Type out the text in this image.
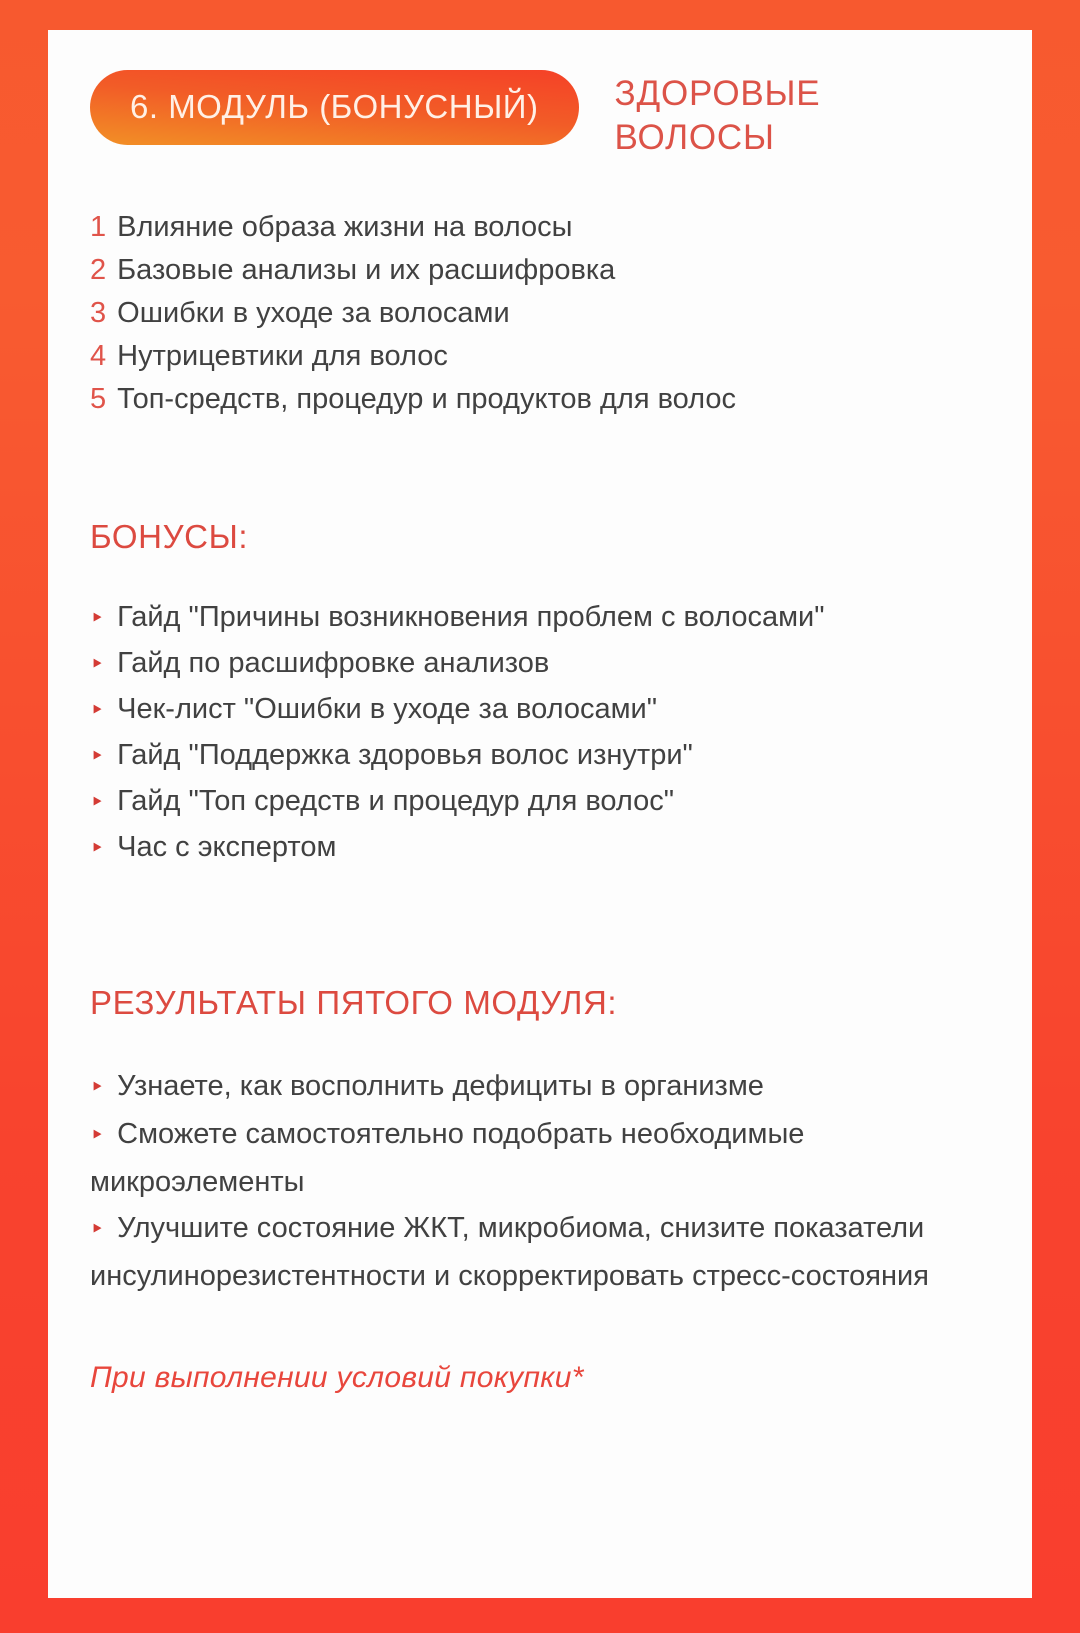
6. МОДУЛЬ (БОНУСНЫЙ)	ЗДОРОВЫЕ
ВОЛОСЫ

1 Влияние образа жизни на волосы

2 Базовые анализы и их расшифровка

3 Ошибки в уходе за волосами

4 Нутрицевтики для волос

5 Топ-средств, процедур и продуктов для волос

БОНУСЫ:

‣ Гайд "Причины возникновения проблем с волосами"

‣ Гайд по расшифровке анализов

‣ Чек-лист "Ошибки в уходе за волосами"

‣ Гайд "Поддержка здоровья волос изнутри"

‣ Гайд "Топ средств и процедур для волос"

‣ Час с экспертом

РЕЗУЛЬТАТЫ ПЯТОГО МОДУЛЯ:

‣ Узнаете, как восполнить дефициты в организме

‣ Сможете самостоятельно подобрать необходимые микроэлементы

‣ Улучшите состояние ЖКТ, микробиома, снизите показатели инсулинорезистентности и скорректировать стресс-состояния

При выполнении условий покупки*
